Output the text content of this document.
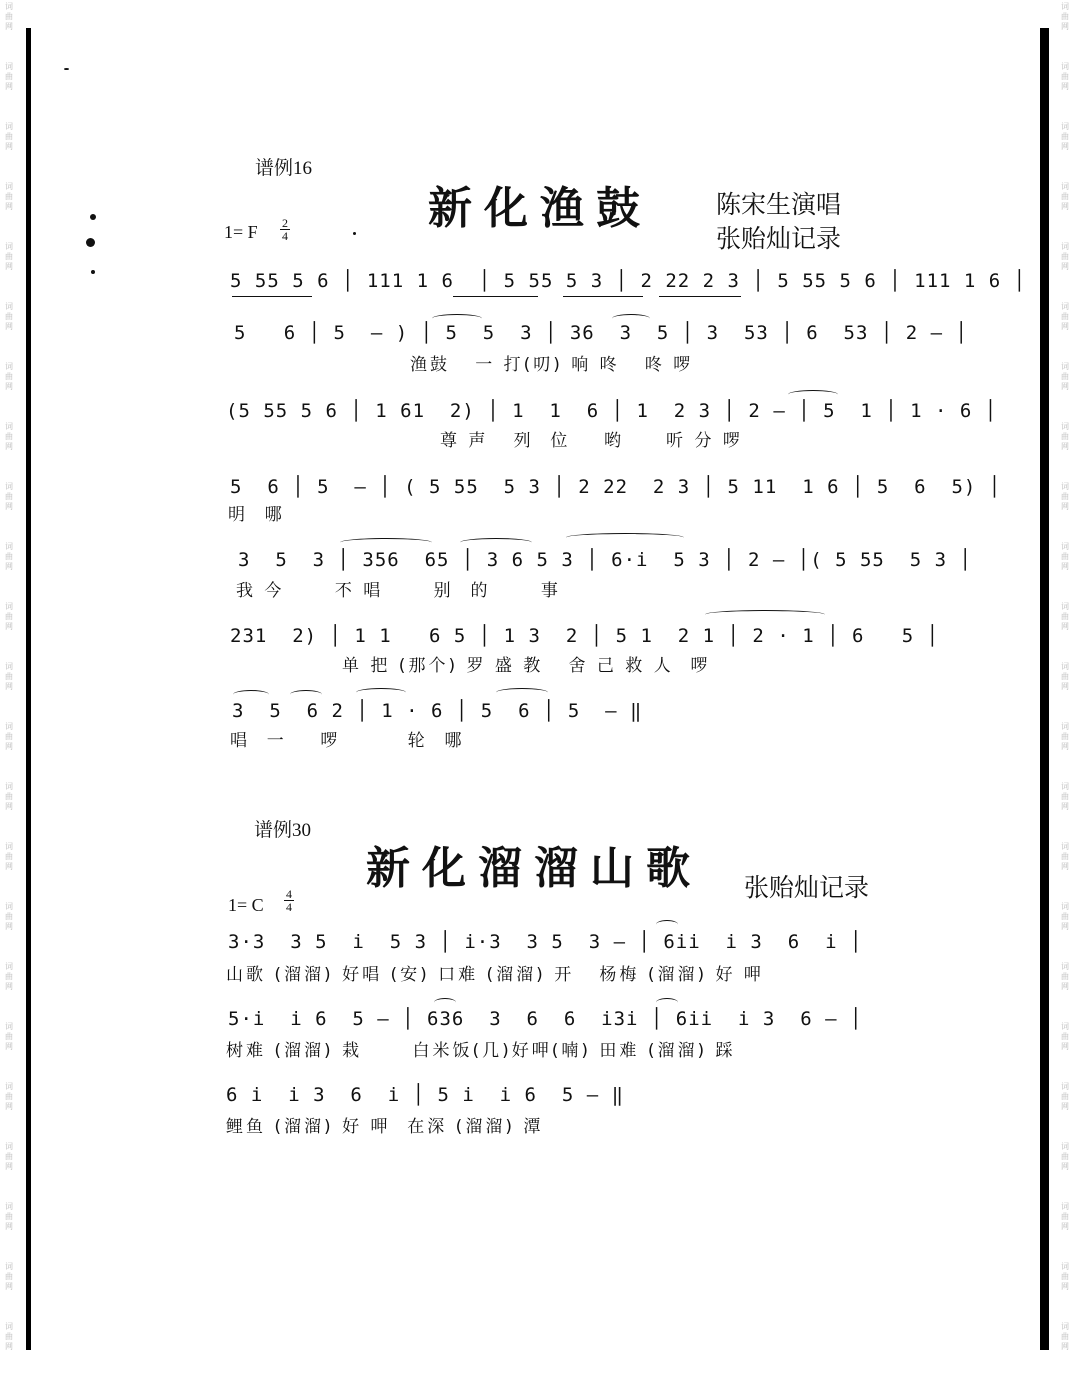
词曲网
词曲网
词曲网
词曲网
词曲网
词曲网
词曲网
词曲网
词曲网
词曲网
词曲网
词曲网
词曲网
词曲网
词曲网
词曲网
词曲网
词曲网
词曲网
词曲网
词曲网
词曲网
词曲网
词曲网
词曲网
词曲网
词曲网
词曲网
词曲网
词曲网
词曲网
词曲网
词曲网
词曲网
词曲网
词曲网
词曲网
词曲网
词曲网
词曲网
词曲网
词曲网
词曲网
词曲网
词曲网
词曲网
谱例16
新化渔鼓	陈宋生演唱
张贻灿记录
1= F $\frac{2}{4}$
5 55 5 6 │ 111 1 6  │ 5 55 5 3 │ 2 22 2 3 │ 5 55 5 6 │ 111 1 6 │
5   6 │ 5  — ) │ 5  5  3 │ 36  3  5 │ 3  53 │ 6  53 │ 2 — │
渔鼓   一 打(叨) 响 咚   咚 啰
(5 55 5 6 │ 1 61  2) │ 1  1  6 │ 1  2 3 │ 2 — │ 5  1 │ 1 · 6 │
尊 声   列  位    哟     听 分 啰
5  6 │ 5  — │ ( 5 55  5 3 │ 2 22  2 3 │ 5 11  1 6 │ 5  6  5) │
明  哪
3  5  3 │ 356  65 │ 3 6 5 3 │ 6·i  5 3 │ 2 — │( 5 55  5 3 │
我 今      不 唱      别  的      事
231  2) │ 1 1   6 5 │ 1 3  2 │ 5 1  2 1 │ 2 · 1 │ 6   5 │
单 把 (那个) 罗 盛 教   舍 己 救 人  啰
3  5  6 2 │ 1 · 6 │ 5  6 │ 5  — ‖
唱  一    啰        轮  哪
谱例30
新化溜溜山歌 张贻灿记录
1= C $\frac{4}{4}$
3·3  3 5  i  5 3 │ i·3  3 5  3 — │ 6ii  i 3  6  i │
山歌 (溜溜) 好唱 (安) 口难 (溜溜) 开   杨梅 (溜溜) 好 呷
5·i  i 6  5 — │ 636  3  6  6  i3i │ 6ii  i 3  6 — │
树难 (溜溜) 栽      白米饭(几)好呷(喃) 田难 (溜溜) 踩
6 i  i 3  6  i │ 5 i  i 6  5 — ‖
鲤鱼 (溜溜) 好 呷  在深 (溜溜) 潭
